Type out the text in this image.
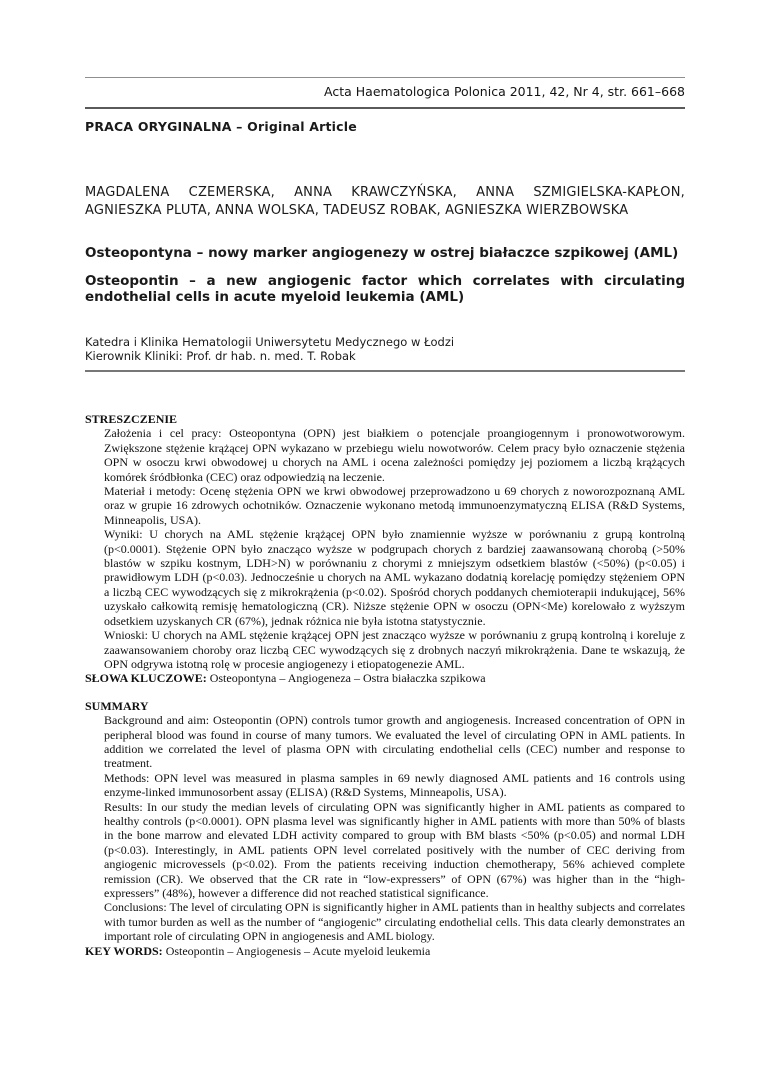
Acta Haematologica Polonica 2011, 42, Nr 4, str. 661–668
PRACA ORYGINALNA – Original Article
MAGDALENA CZEMERSKA, ANNA KRAWCZYŃSKA, ANNA SZMIGIELSKA-KAPŁON, AGNIESZKA PLUTA, ANNA WOLSKA, TADEUSZ ROBAK, AGNIESZKA WIERZBOWSKA
Osteopontyna – nowy marker angiogenezy w ostrej białaczce szpikowej (AML)
Osteopontin – a new angiogenic factor which correlates with circulating endothelial cells in acute myeloid leukemia (AML)
Katedra i Klinika Hematologii Uniwersytetu Medycznego w Łodzi
Kierownik Kliniki: Prof. dr hab. n. med. T. Robak
STRESZCZENIE

Założenia i cel pracy: Osteopontyna (OPN) jest białkiem o potencjale proangiogennym i pronowotworowym. Zwiększone stężenie krążącej OPN wykazano w przebiegu wielu nowotworów. Celem pracy było oznaczenie stężenia OPN w osoczu krwi obwodowej u chorych na AML i ocena zależności pomiędzy jej poziomem a liczbą krążących komórek śródbłonka (CEC) oraz odpowiedzią na leczenie.

Materiał i metody: Ocenę stężenia OPN we krwi obwodowej przeprowadzono u 69 chorych z noworozpoznaną AML oraz w grupie 16 zdrowych ochotników. Oznaczenie wykonano metodą immunoenzymatyczną ELISA (R&D Systems, Minneapolis, USA).

Wyniki: U chorych na AML stężenie krążącej OPN było znamiennie wyższe w porównaniu z grupą kontrolną (p<0.0001). Stężenie OPN było znacząco wyższe w podgrupach chorych z bardziej zaawansowaną chorobą (>50% blastów w szpiku kostnym, LDH>N) w porównaniu z chorymi z mniejszym odsetkiem blastów (<50%) (p<0.05) i prawidłowym LDH (p<0.03). Jednocześnie u chorych na AML wykazano dodatnią korelację pomiędzy stężeniem OPN a liczbą CEC wywodzących się z mikrokrążenia (p<0.02). Spośród chorych poddanych chemioterapii indukującej, 56% uzyskało całkowitą remisję hematologiczną (CR). Niższe stężenie OPN w osoczu (OPN<Me) korelowało z wyższym odsetkiem uzyskanych CR (67%), jednak różnica nie była istotna statystycznie.

Wnioski: U chorych na AML stężenie krążącej OPN jest znacząco wyższe w porównaniu z grupą kontrolną i koreluje z zaawansowaniem choroby oraz liczbą CEC wywodzących się z drobnych naczyń mikrokrążenia. Dane te wskazują, że OPN odgrywa istotną rolę w procesie angiogenezy i etiopatogenezie AML.

SŁOWA KLUCZOWE: Osteopontyna – Angiogeneza – Ostra białaczka szpikowa
SUMMARY

Background and aim: Osteopontin (OPN) controls tumor growth and angiogenesis. Increased concentration of OPN in peripheral blood was found in course of many tumors. We evaluated the level of circulating OPN in AML patients. In addition we correlated the level of plasma OPN with circulating endothelial cells (CEC) number and response to treatment.

Methods: OPN level was measured in plasma samples in 69 newly diagnosed AML patients and 16 controls using enzyme-linked immunosorbent assay (ELISA) (R&D Systems, Minneapolis, USA).

Results: In our study the median levels of circulating OPN was significantly higher in AML patients as compared to healthy controls (p<0.0001). OPN plasma level was significantly higher in AML patients with more than 50% of blasts in the bone marrow and elevated LDH activity compared to group with BM blasts <50% (p<0.05) and normal LDH (p<0.03). Interestingly, in AML patients OPN level correlated positively with the number of CEC deriving from angiogenic microvessels (p<0.02). From the patients receiving induction chemotherapy, 56% achieved complete remission (CR). We observed that the CR rate in “low-expressers” of OPN (67%) was higher than in the “high-expressers” (48%), however a difference did not reached statistical significance.

Conclusions: The level of circulating OPN is significantly higher in AML patients than in healthy subjects and correlates with tumor burden as well as the number of “angiogenic” circulating endothelial cells. This data clearly demonstrates an important role of circulating OPN in angiogenesis and AML biology.

KEY WORDS: Osteopontin – Angiogenesis – Acute myeloid leukemia
